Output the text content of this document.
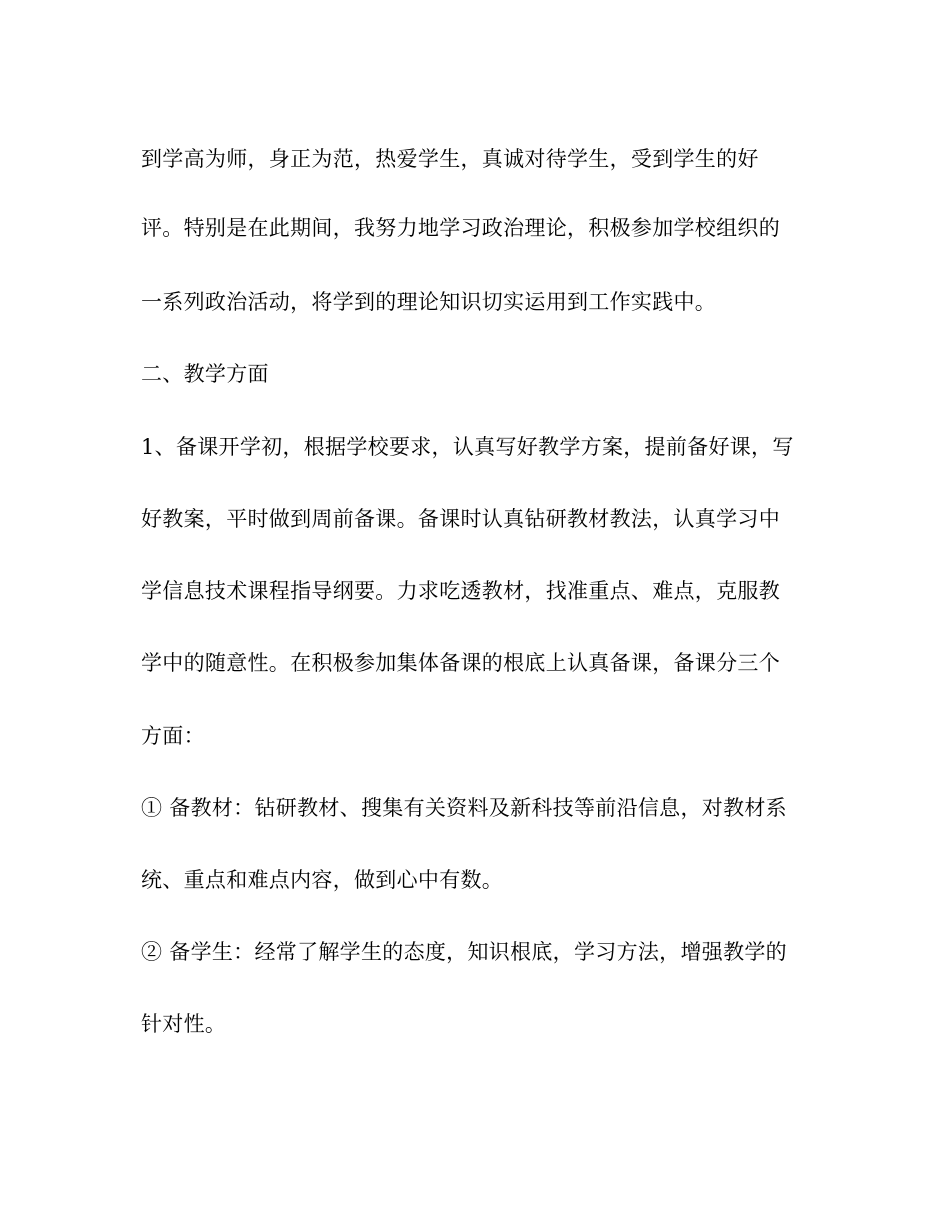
到学高为师，身正为范，热爱学生，真诚对待学生，受到学生的好
评。特别是在此期间，我努力地学习政治理论，积极参加学校组织的
一系列政治活动，将学到的理论知识切实运用到工作实践中。
二、教学方面
1、备课开学初，根据学校要求，认真写好教学方案，提前备好课，写
好教案，平时做到周前备课。备课时认真钻研教材教法，认真学习中
学信息技术课程指导纲要。力求吃透教材，找准重点、难点，克服教
学中的随意性。在积极参加集体备课的根底上认真备课，备课分三个
方面：
① 备教材：钻研教材、搜集有关资料及新科技等前沿信息，对教材系
统、重点和难点内容，做到心中有数。
② 备学生：经常了解学生的态度，知识根底，学习方法，增强教学的
针对性。
